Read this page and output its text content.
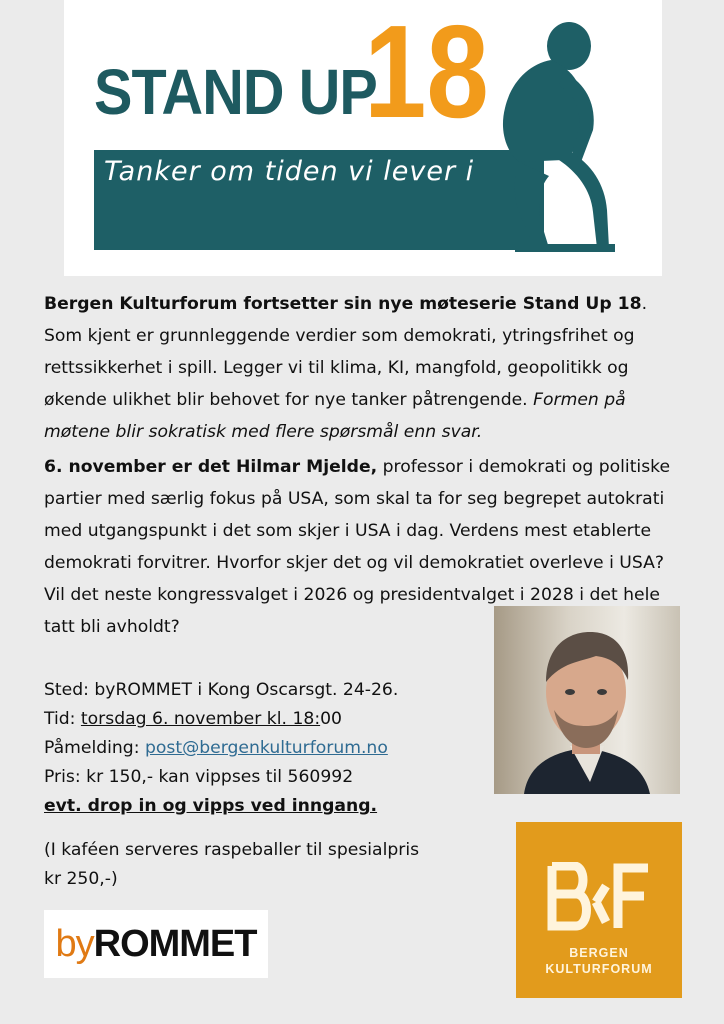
STAND UP
18
Tanker om tiden vi lever i
Bergen Kulturforum fortsetter sin nye møteserie Stand Up 18. Som kjent er grunnleggende verdier som demokrati, ytringsfrihet og rettssikkerhet i spill. Legger vi til klima, KI, mangfold, geopolitikk og økende ulikhet blir behovet for nye tanker påtrengende. Formen på møtene blir sokratisk med flere spørsmål enn svar.
6. november er det Hilmar Mjelde, professor i demokrati og politiske partier med særlig fokus på USA, som skal ta for seg begrepet autokrati med utgangspunkt i det som skjer i USA i dag. Verdens mest etablerte demokrati forvitrer. Hvorfor skjer det og vil demokratiet overleve i USA? Vil det neste kongressvalget i 2026 og presidentvalget i 2028 i det hele tatt bli avholdt?
Sted: byROMMET i Kong Oscarsgt. 24-26.
Tid: torsdag 6. november kl. 18:00
Påmelding: post@bergenkulturforum.no
Pris: kr 150,- kan vippses til 560992
evt. drop in og vipps ved inngang.
(I kaféen serveres raspeballer til spesialpris
kr 250,-)
by ROMMET	BERGEN
KULTURFORUM
